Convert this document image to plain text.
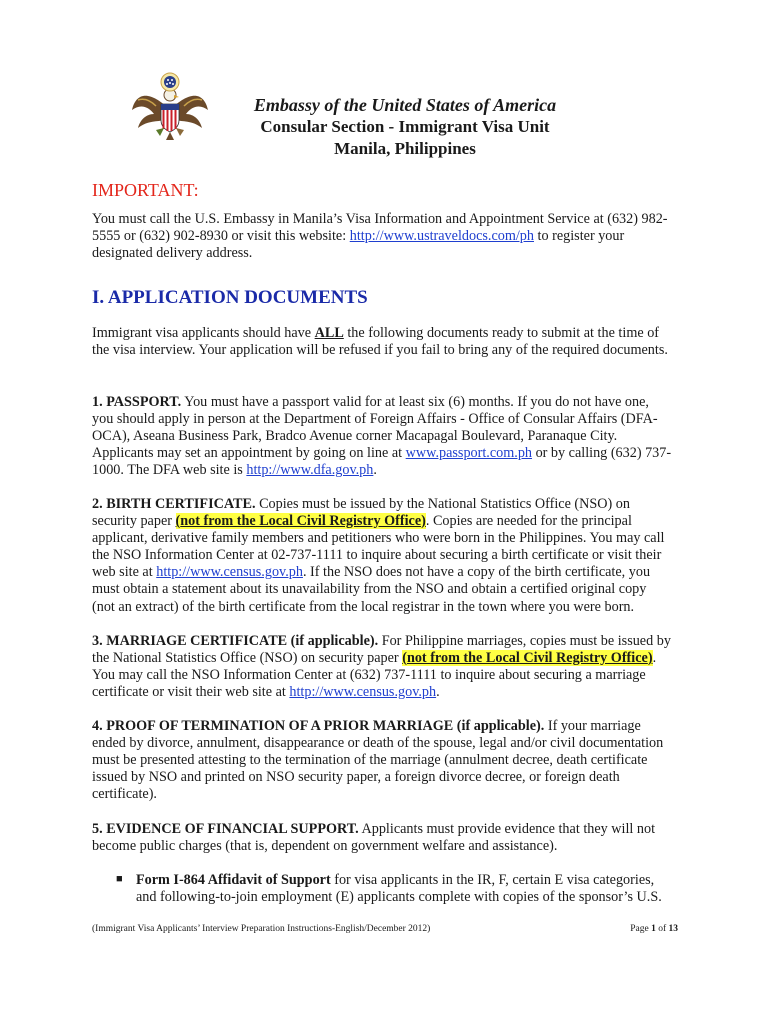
Embassy of the United States of America
Consular Section - Immigrant Visa Unit
Manila, Philippines
IMPORTANT:

You must call the U.S. Embassy in Manila’s Visa Information and Appointment Service at (632) 982-5555 or (632) 902-8930 or visit this website: http://www.ustraveldocs.com/ph to register your designated delivery address.

I. APPLICATION DOCUMENTS

Immigrant visa applicants should have ALL the following documents ready to submit at the time of the visa interview. Your application will be refused if you fail to bring any of the required documents.

1. PASSPORT. You must have a passport valid for at least six (6) months. If you do not have one, you should apply in person at the Department of Foreign Affairs - Office of Consular Affairs (DFA-OCA), Aseana Business Park, Bradco Avenue corner Macapagal Boulevard, Paranaque City. Applicants may set an appointment by going on line at www.passport.com.ph or by calling (632) 737-1000. The DFA web site is http://www.dfa.gov.ph.

2. BIRTH CERTIFICATE. Copies must be issued by the National Statistics Office (NSO) on security paper (not from the Local Civil Registry Office). Copies are needed for the principal applicant, derivative family members and petitioners who were born in the Philippines. You may call the NSO Information Center at 02-737-1111 to inquire about securing a birth certificate or visit their web site at http://www.census.gov.ph. If the NSO does not have a copy of the birth certificate, you must obtain a statement about its unavailability from the NSO and obtain a certified original copy (not an extract) of the birth certificate from the local registrar in the town where you were born.

3. MARRIAGE CERTIFICATE (if applicable). For Philippine marriages, copies must be issued by the National Statistics Office (NSO) on security paper (not from the Local Civil Registry Office). You may call the NSO Information Center at (632) 737-1111 to inquire about securing a marriage certificate or visit their web site at http://www.census.gov.ph.

4. PROOF OF TERMINATION OF A PRIOR MARRIAGE (if applicable). If your marriage ended by divorce, annulment, disappearance or death of the spouse, legal and/or civil documentation must be presented attesting to the termination of the marriage (annulment decree, death certificate issued by NSO and printed on NSO security paper, a foreign divorce decree, or foreign death certificate).

5. EVIDENCE OF FINANCIAL SUPPORT. Applicants must provide evidence that they will not become public charges (that is, dependent on government welfare and assistance).

■ Form I-864 Affidavit of Support for visa applicants in the IR, F, certain E visa categories, and following-to-join employment (E) applicants complete with copies of the sponsor’s U.S.

(Immigrant Visa Applicants’ Interview Preparation Instructions-English/December 2012)	Page 1 of 13
